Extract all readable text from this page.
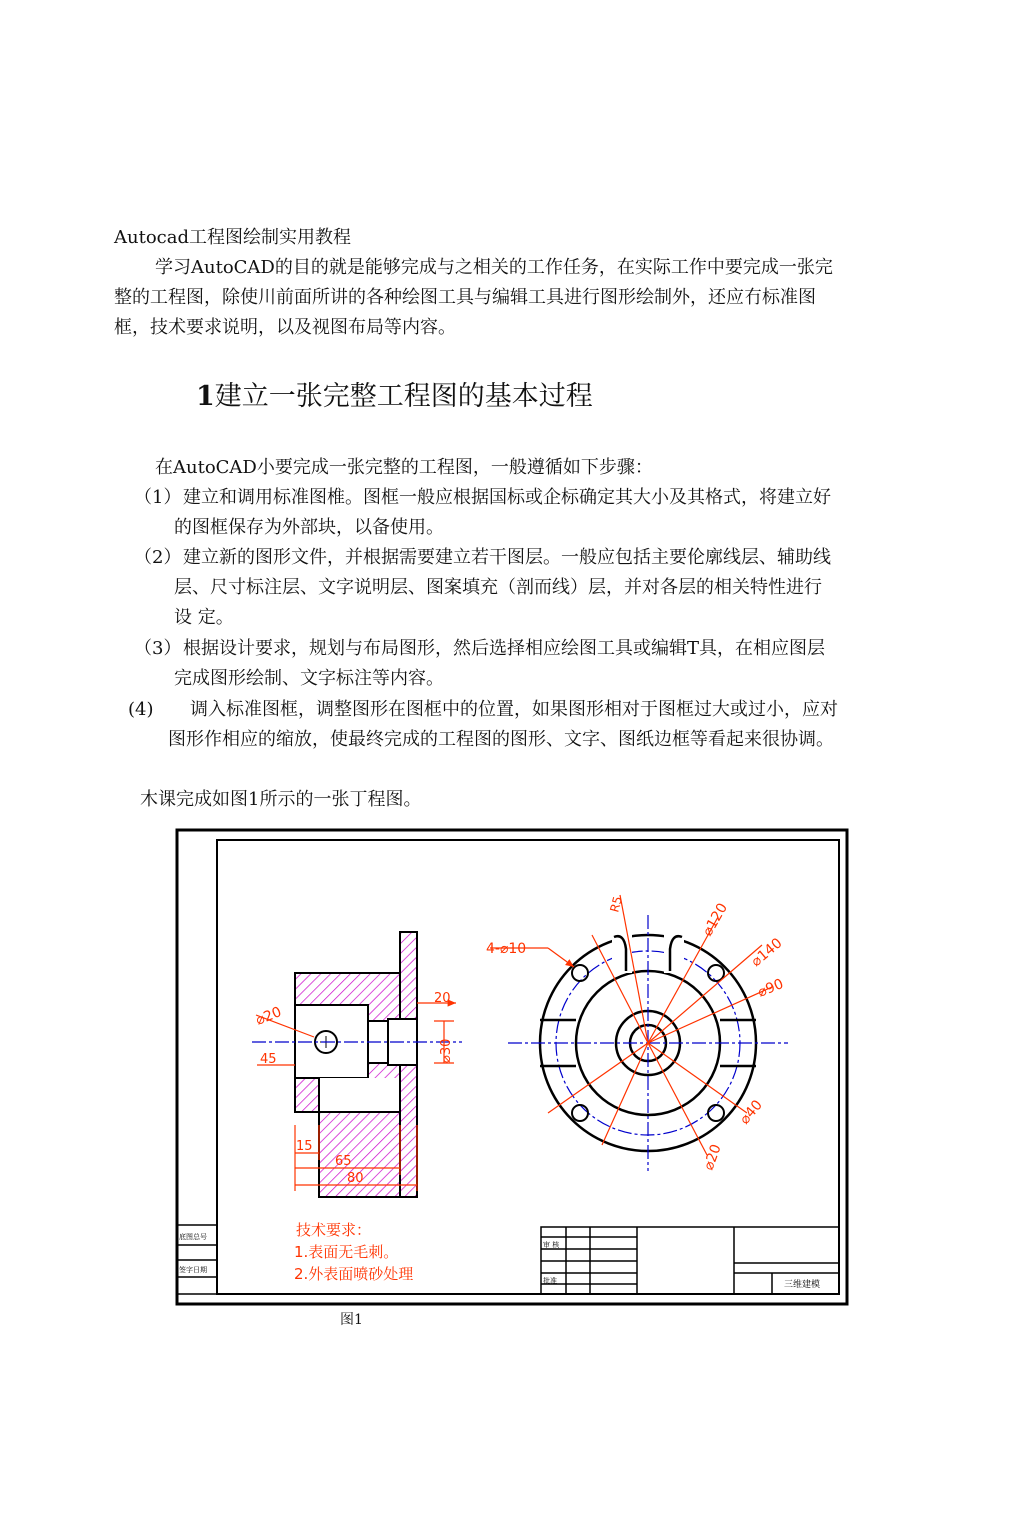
Autocad工程图绘制实用教程
学习AutoCAD的目的就是能够完成与之相关的工作任务，在实际工作中要完成一张完
整的工程图，除使川前面所讲的各种绘图工具与编辑工具进行图形绘制外，还应冇标准图
框，技术要求说明，以及视图布局等内容。
1建立一张完整工程图的基本过程
在AutoCAD小要完成一张完整的工程图，一般遵循如下步骤：
（1） 建立和调用标准图椎。图框一般应根据国标或企标确定其大小及其格式，将建立好
的图框保存为外部块，以备使用。
（2） 建立新的图形文件，并根据需要建立若干图层。一般应包括主要伦廓线层、辅助线
层、尺寸标注层、文字说明层、图案填充（剖而线）层，并对各层的相关特性进行
设 定。
（3） 根据设计要求，规划与布局图形，然后选择相应绘图工具或编辑T具，在相应图层
完成图形绘制、文字标注等内容。
(4) 调入标准图框，调整图形在图框中的位置，如果图形相对于图框过大或过小，应对
图形作相应的缩放，使最终完成的工程图的图形、文字、图纸边框等看起来很协调。
木课完成如图1所示的一张丁程图。
底图总号
签字日期
⌀20
20
⌀30
45
15
65
80
4-⌀10
R5	⌀120
⌀140
⌀90
⌀40
⌀20
技术要求：
1.表面无毛刺。
2.外表面喷砂处理
审 核
批准	三维建模
图1
